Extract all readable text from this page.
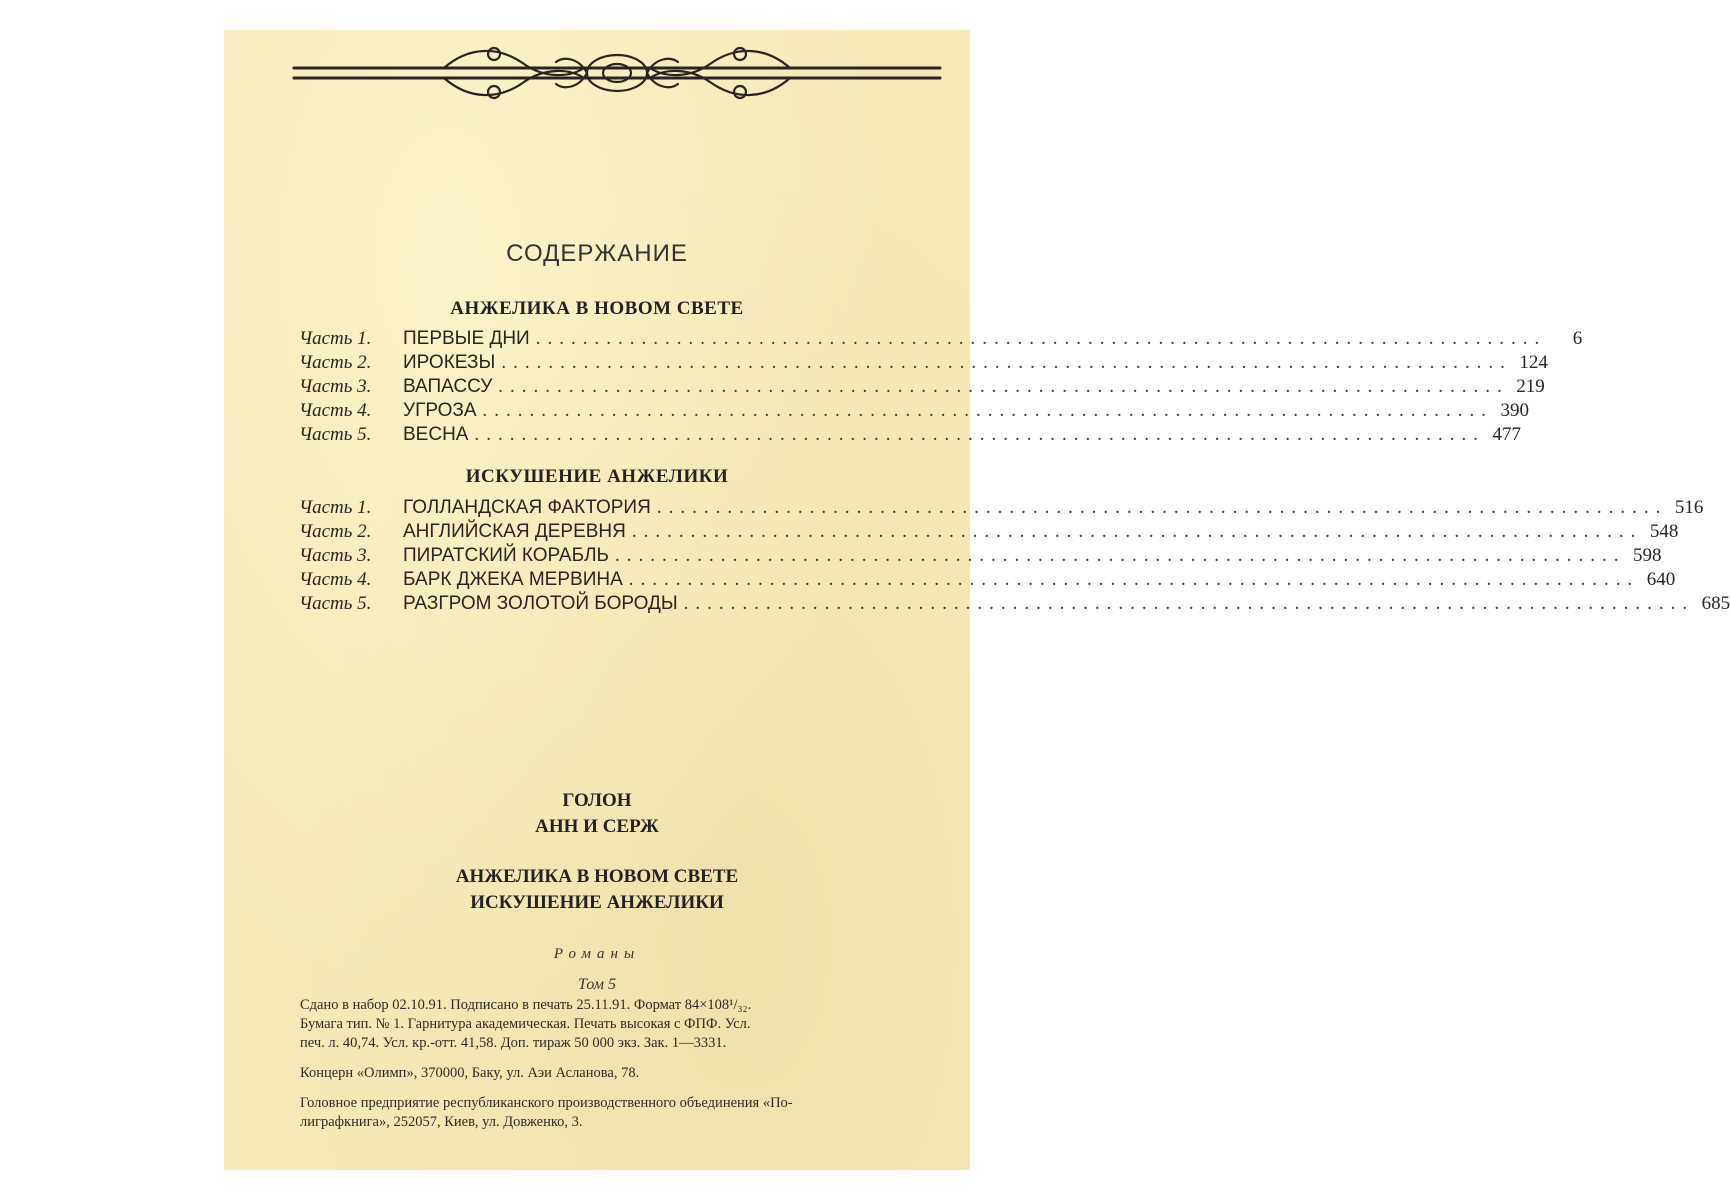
СОДЕРЖАНИЕ
АНЖЕЛИКА В НОВОМ СВЕТЕ
Часть 1.	ПЕРВЫЕ ДНИ ......................................................................................	6
Часть 2.	ИРОКЕЗЫ ...................................................................................... 124
Часть 3.	ВАПАССУ ...................................................................................... 219
Часть 4.	УГРОЗА ...................................................................................... 390
Часть 5.	ВЕСНА ...................................................................................... 477
ИСКУШЕНИЕ АНЖЕЛИКИ
Часть 1.	ГОЛЛАНДСКАЯ ФАКТОРИЯ ...................................................................................... 516
Часть 2.	АНГЛИЙСКАЯ ДЕРЕВНЯ ...................................................................................... 548
Часть 3.	ПИРАТСКИЙ КОРАБЛЬ ...................................................................................... 598
Часть 4.	БАРК ДЖЕКА МЕРВИНА ...................................................................................... 640
Часть 5.	РАЗГРОМ ЗОЛОТОЙ БОРОДЫ ...................................................................................... 685
ГОЛОН
АНН И СЕРЖ
АНЖЕЛИКА В НОВОМ СВЕТЕ
ИСКУШЕНИЕ АНЖЕЛИКИ
Романы
Том 5
Сдано в набор 02.10.91. Подписано в печать 25.11.91. Формат 84×108¹/₃₂.
Бумага тип. № 1. Гарнитура академическая. Печать высокая с ФПФ. Усл.
печ. л. 40,74. Усл. кр.-отт. 41,58. Доп. тираж 50 000 экз. Зак. 1—3331.
Концерн «Олимп», 370000, Баку, ул. Аэи Асланова, 78.
Головное предприятие республиканского производственного объединения «По-
лиграфкнига», 252057, Киев, ул. Довженко, 3.
